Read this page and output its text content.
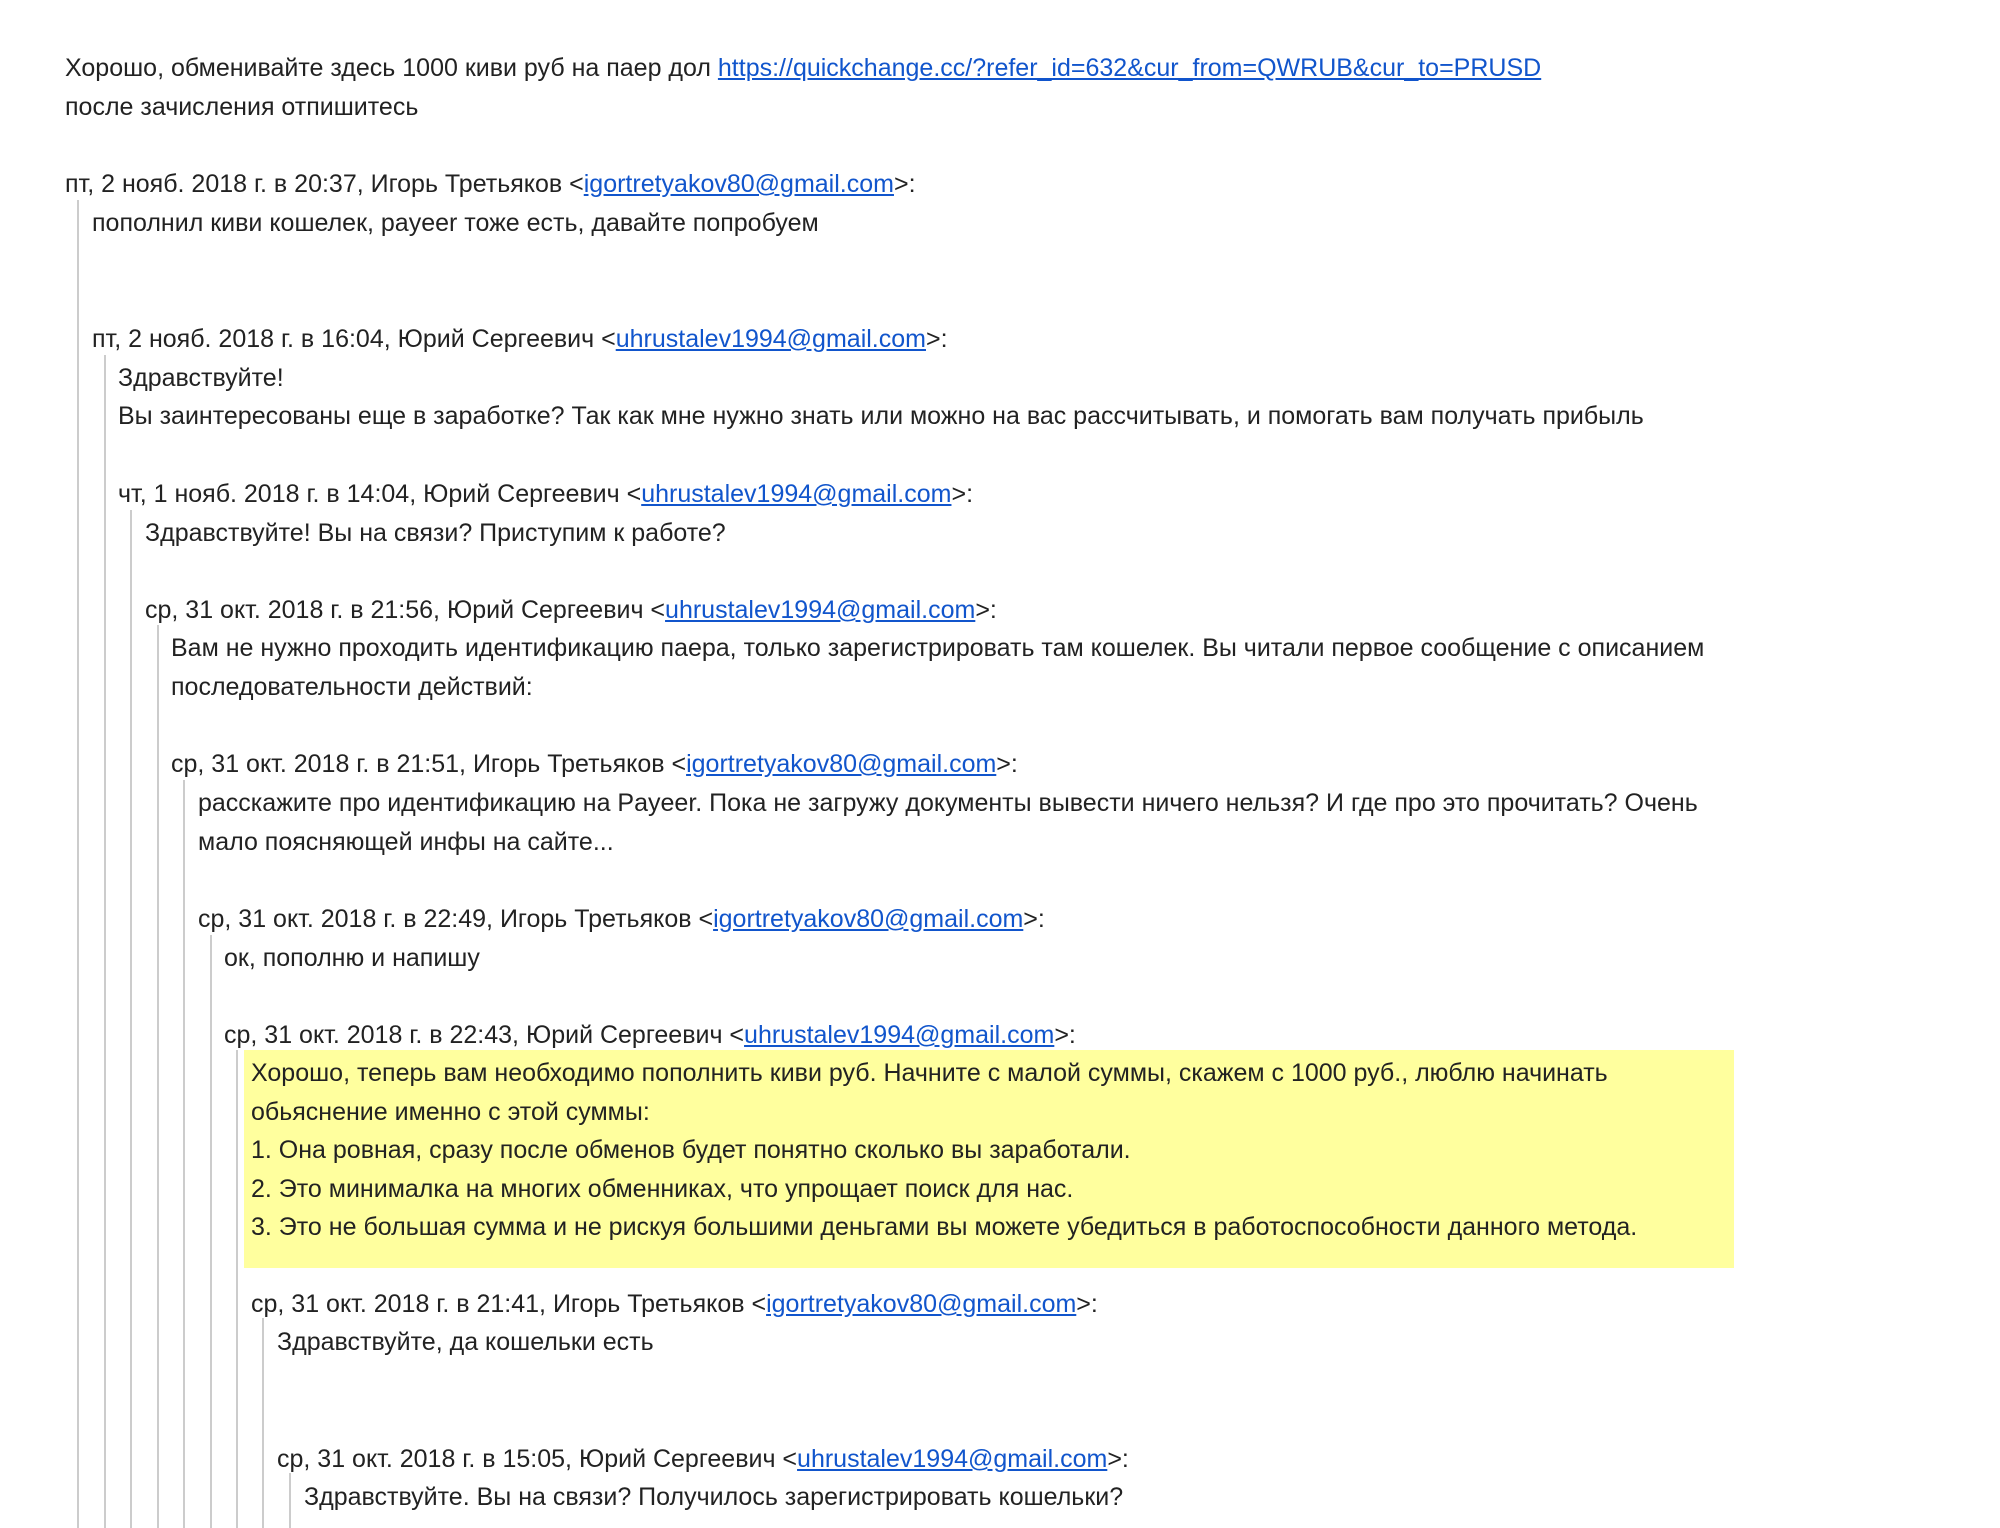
Хорошо, обменивайте здесь 1000 киви руб на паер дол https://quickchange.cc/?refer_id=632&cur_from=QWRUB&cur_to=PRUSD
после зачисления отпишитесь
пт, 2 нояб. 2018 г. в 20:37, Игорь Третьяков <igortretyakov80@gmail.com>:
пополнил киви кошелек, payeer тоже есть, давайте попробуем
пт, 2 нояб. 2018 г. в 16:04, Юрий Сергеевич <uhrustalev1994@gmail.com>:
Здравствуйте!
Вы заинтересованы еще в заработке? Так как мне нужно знать или можно на вас рассчитывать, и помогать вам получать прибыль
чт, 1 нояб. 2018 г. в 14:04, Юрий Сергеевич <uhrustalev1994@gmail.com>:
Здравствуйте! Вы на связи? Приступим к работе?
ср, 31 окт. 2018 г. в 21:56, Юрий Сергеевич <uhrustalev1994@gmail.com>:
Вам не нужно проходить идентификацию паера, только зарегистрировать там кошелек. Вы читали первое сообщение с описанием
последовательности действий:
ср, 31 окт. 2018 г. в 21:51, Игорь Третьяков <igortretyakov80@gmail.com>:
расскажите про идентификацию на Payeer. Пока не загружу документы вывести ничего нельзя? И где про это прочитать? Очень
мало поясняющей инфы на сайте...
ср, 31 окт. 2018 г. в 22:49, Игорь Третьяков <igortretyakov80@gmail.com>:
ок, пополню и напишу
ср, 31 окт. 2018 г. в 22:43, Юрий Сергеевич <uhrustalev1994@gmail.com>:
Хорошо, теперь вам необходимо пополнить киви руб. Начните с малой суммы, скажем с 1000 руб., люблю начинать
обьяснение именно с этой суммы:
1. Она ровная, сразу после обменов будет понятно сколько вы заработали.
2. Это минималка на многих обменниках, что упрощает поиск для нас.
3. Это не большая сумма и не рискуя большими деньгами вы можете убедиться в работоспособности данного метода.
ср, 31 окт. 2018 г. в 21:41, Игорь Третьяков <igortretyakov80@gmail.com>:
Здравствуйте, да кошельки есть
ср, 31 окт. 2018 г. в 15:05, Юрий Сергеевич <uhrustalev1994@gmail.com>:
Здравствуйте. Вы на связи? Получилось зарегистрировать кошельки?
